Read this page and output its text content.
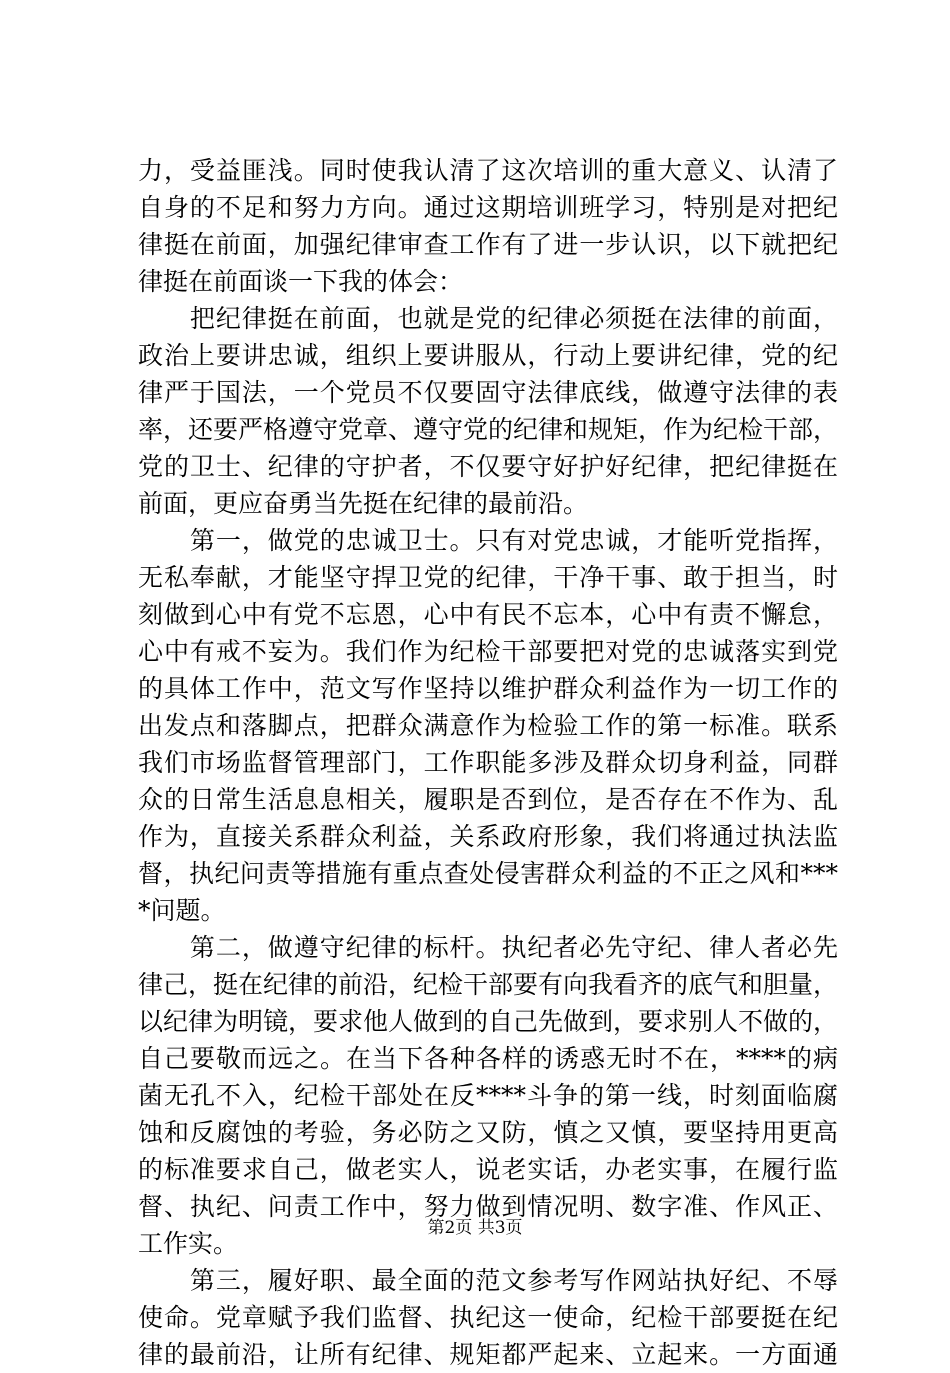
力，受益匪浅。同时使我认清了这次培训的重大意义、认清了
自身的不足和努力方向。通过这期培训班学习，特别是对把纪
律挺在前面，加强纪律审查工作有了进一步认识，以下就把纪
律挺在前面谈一下我的体会：
　　把纪律挺在前面，也就是党的纪律必须挺在法律的前面，
政治上要讲忠诚，组织上要讲服从，行动上要讲纪律，党的纪
律严于国法，一个党员不仅要固守法律底线，做遵守法律的表
率，还要严格遵守党章、遵守党的纪律和规矩，作为纪检干部，
党的卫士、纪律的守护者，不仅要守好护好纪律，把纪律挺在
前面，更应奋勇当先挺在纪律的最前沿。
　　第一，做党的忠诚卫士。只有对党忠诚，才能听党指挥，
无私奉献，才能坚守捍卫党的纪律，干净干事、敢于担当，时
刻做到心中有党不忘恩，心中有民不忘本，心中有责不懈怠，
心中有戒不妄为。我们作为纪检干部要把对党的忠诚落实到党
的具体工作中，范文写作坚持以维护群众利益作为一切工作的
出发点和落脚点，把群众满意作为检验工作的第一标准。联系
我们市场监督管理部门，工作职能多涉及群众切身利益，同群
众的日常生活息息相关，履职是否到位，是否存在不作为、乱
作为，直接关系群众利益，关系政府形象，我们将通过执法监
督，执纪问责等措施有重点查处侵害群众利益的不正之风和***
*问题。
　　第二，做遵守纪律的标杆。执纪者必先守纪、律人者必先
律己，挺在纪律的前沿，纪检干部要有向我看齐的底气和胆量，
以纪律为明镜，要求他人做到的自己先做到，要求别人不做的，
自己要敬而远之。在当下各种各样的诱惑无时不在，****的病
菌无孔不入，纪检干部处在反****斗争的第一线，时刻面临腐
蚀和反腐蚀的考验，务必防之又防，慎之又慎，要坚持用更高
的标准要求自己，做老实人，说老实话，办老实事，在履行监
督、执纪、问责工作中，努力做到情况明、数字准、作风正、
工作实。
　　第三，履好职、最全面的范文参考写作网站执好纪、不辱
使命。党章赋予我们监督、执纪这一使命，纪检干部要挺在纪
律的最前沿，让所有纪律、规矩都严起来、立起来。一方面通
第2页 共3页
